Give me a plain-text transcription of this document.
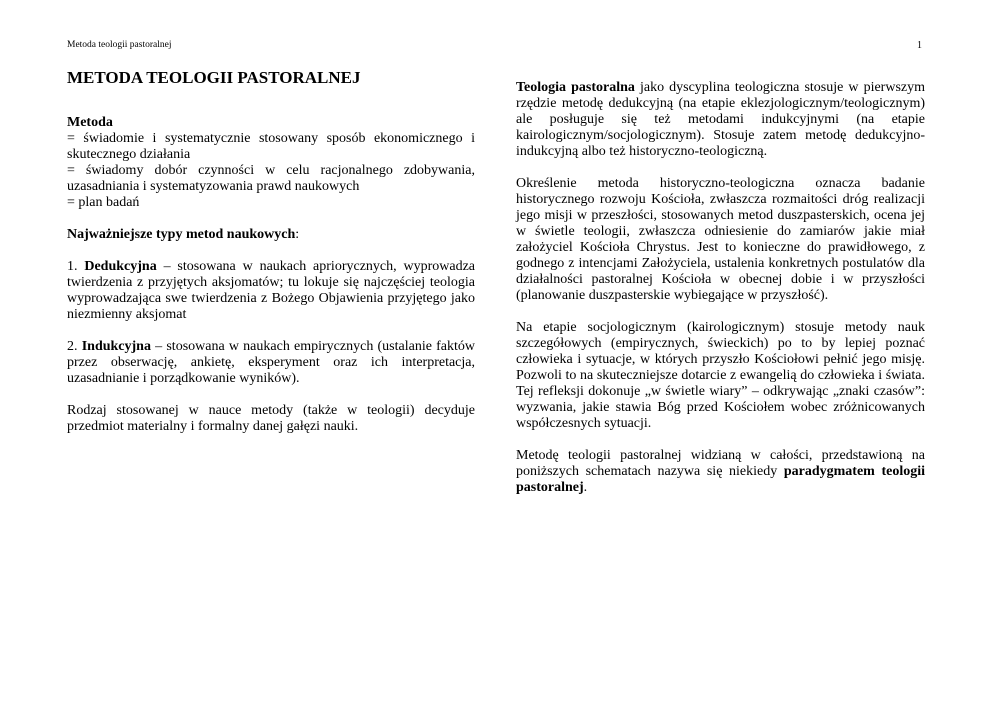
Metoda teologii pastoralnej	1
METODA TEOLOGII PASTORALNEJ

Metoda
= świadomie i systematycznie stosowany sposób ekonomicznego i skutecznego działania
= świadomy dobór czynności w celu racjonalnego zdobywania, uzasadniania i systematyzowania prawd naukowych
= plan badań

Najważniejsze typy metod naukowych:

1. Dedukcyjna – stosowana w naukach apriorycznych, wyprowadza twierdzenia z przyjętych aksjomatów; tu lokuje się najczęściej teologia wyprowadzająca swe twierdzenia z Bożego Objawienia przyjętego jako niezmienny aksjomat

2. Indukcyjna – stosowana w naukach empirycznych (ustalanie faktów przez obserwację, ankietę, eksperyment oraz ich interpretacja, uzasadnianie i porządkowanie wyników).

Rodzaj stosowanej w nauce metody (także w teologii) decyduje przedmiot materialny i formalny danej gałęzi nauki.

Teologia pastoralna jako dyscyplina teologiczna stosuje w pierwszym rzędzie metodę dedukcyjną (na etapie eklezjologicznym/teologicznym) ale posługuje się też metodami indukcyjnymi (na etapie kairologicznym/socjologicznym). Stosuje zatem metodę dedukcyjno-indukcyjną albo też historyczno-teologiczną.

Określenie metoda historyczno-teologiczna oznacza badanie historycznego rozwoju Kościoła, zwłaszcza rozmaitości dróg realizacji jego misji w przeszłości, stosowanych metod duszpasterskich, ocena jej w świetle teologii, zwłaszcza odniesienie do zamiarów jakie miał założyciel Kościoła Chrystus. Jest to konieczne do prawidłowego, z godnego z intencjami Założyciela, ustalenia konkretnych postulatów dla działalności pastoralnej Kościoła w obecnej dobie i w przyszłości (planowanie duszpasterskie wybiegające w przyszłość).

Na etapie socjologicznym (kairologicznym) stosuje metody nauk szczegółowych (empirycznych, świeckich) po to by lepiej poznać człowieka i sytuacje, w których przyszło Kościołowi pełnić jego misję. Pozwoli to na skuteczniejsze dotarcie z ewangelią do człowieka i świata. Tej refleksji dokonuje „w świetle wiary” – odkrywając „znaki czasów”: wyzwania, jakie stawia Bóg przed Kościołem wobec zróżnicowanych współczesnych sytuacji.

Metodę teologii pastoralnej widzianą w całości, przedstawioną na poniższych schematach nazywa się niekiedy paradygmatem teologii pastoralnej.
